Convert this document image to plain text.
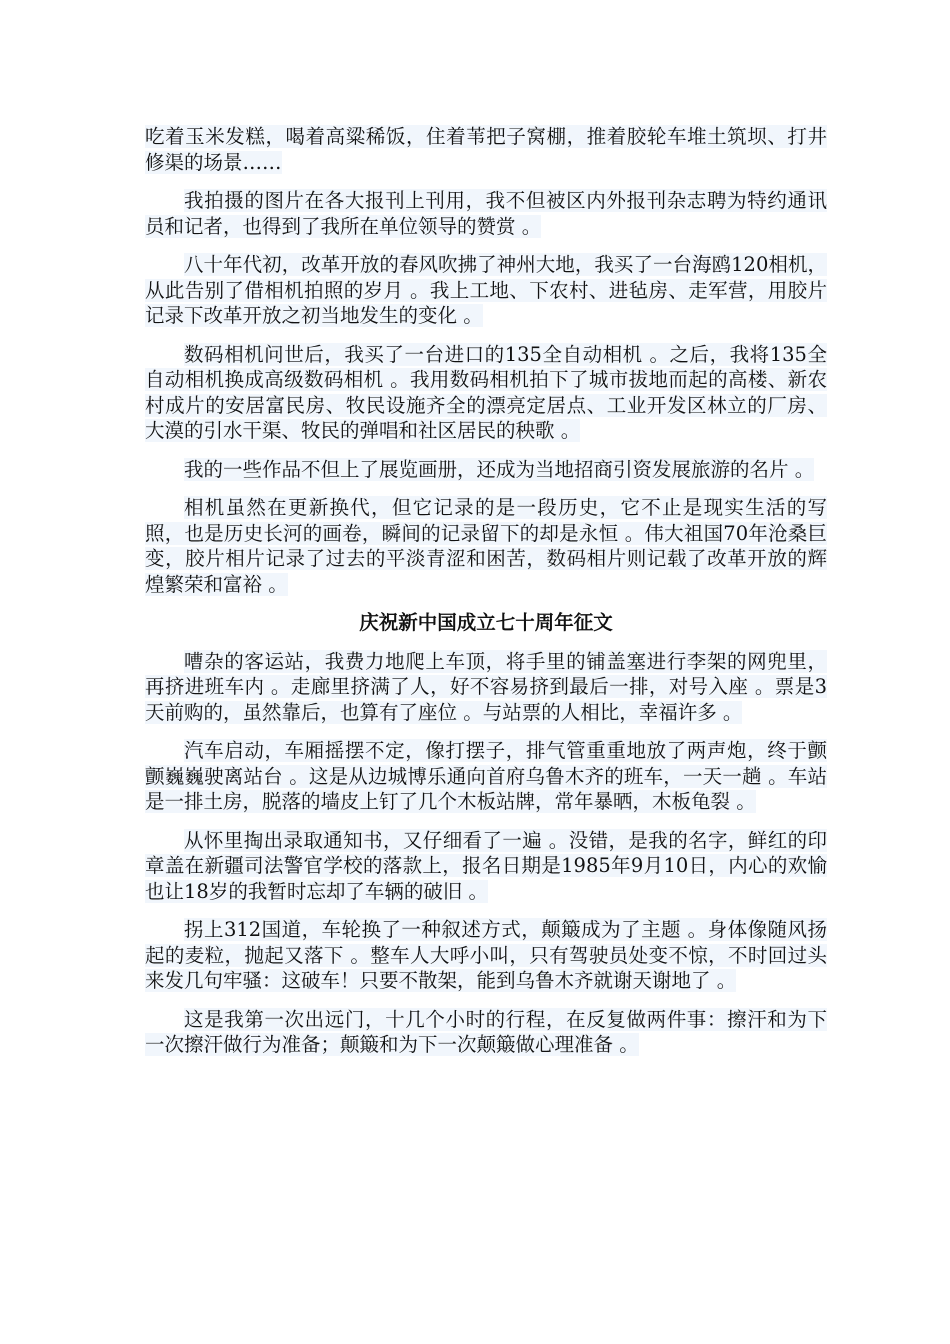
吃着玉米发糕，喝着高粱稀饭，住着苇把子窝棚，推着胶轮车堆土筑坝、打井修渠的场景……

我拍摄的图片在各大报刊上刊用，我不但被区内外报刊杂志聘为特约通讯员和记者，也得到了我所在单位领导的赞赏 。

八十年代初，改革开放的春风吹拂了神州大地，我买了一台海鸥120相机，从此告别了借相机拍照的岁月 。我上工地、下农村、进毡房、走军营，用胶片记录下改革开放之初当地发生的变化 。

数码相机问世后，我买了一台进口的135全自动相机 。之后，我将135全自动相机换成高级数码相机 。我用数码相机拍下了城市拔地而起的高楼、新农村成片的安居富民房、牧民设施齐全的漂亮定居点、工业开发区林立的厂房、大漠的引水干渠、牧民的弹唱和社区居民的秧歌 。

我的一些作品不但上了展览画册，还成为当地招商引资发展旅游的名片 。

相机虽然在更新换代，但它记录的是一段历史，它不止是现实生活的写照，也是历史长河的画卷，瞬间的记录留下的却是永恒 。伟大祖国70年沧桑巨变，胶片相片记录了过去的平淡青涩和困苦，数码相片则记载了改革开放的辉煌繁荣和富裕 。

庆祝新中国成立七十周年征文

嘈杂的客运站，我费力地爬上车顶，将手里的铺盖塞进行李架的网兜里，再挤进班车内 。走廊里挤满了人，好不容易挤到最后一排，对号入座 。票是3天前购的，虽然靠后，也算有了座位 。与站票的人相比，幸福许多 。

汽车启动，车厢摇摆不定，像打摆子，排气管重重地放了两声炮，终于颤颤巍巍驶离站台 。这是从边城博乐通向首府乌鲁木齐的班车，一天一趟 。车站是一排土房，脱落的墙皮上钉了几个木板站牌，常年暴晒，木板龟裂 。

从怀里掏出录取通知书，又仔细看了一遍 。没错，是我的名字，鲜红的印章盖在新疆司法警官学校的落款上，报名日期是1985年9月10日，内心的欢愉也让18岁的我暂时忘却了车辆的破旧 。

拐上312国道，车轮换了一种叙述方式，颠簸成为了主题 。身体像随风扬起的麦粒，抛起又落下 。整车人大呼小叫，只有驾驶员处变不惊，不时回过头来发几句牢骚：这破车！只要不散架，能到乌鲁木齐就谢天谢地了 。

这是我第一次出远门，十几个小时的行程，在反复做两件事：擦汗和为下一次擦汗做行为准备；颠簸和为下一次颠簸做心理准备 。
